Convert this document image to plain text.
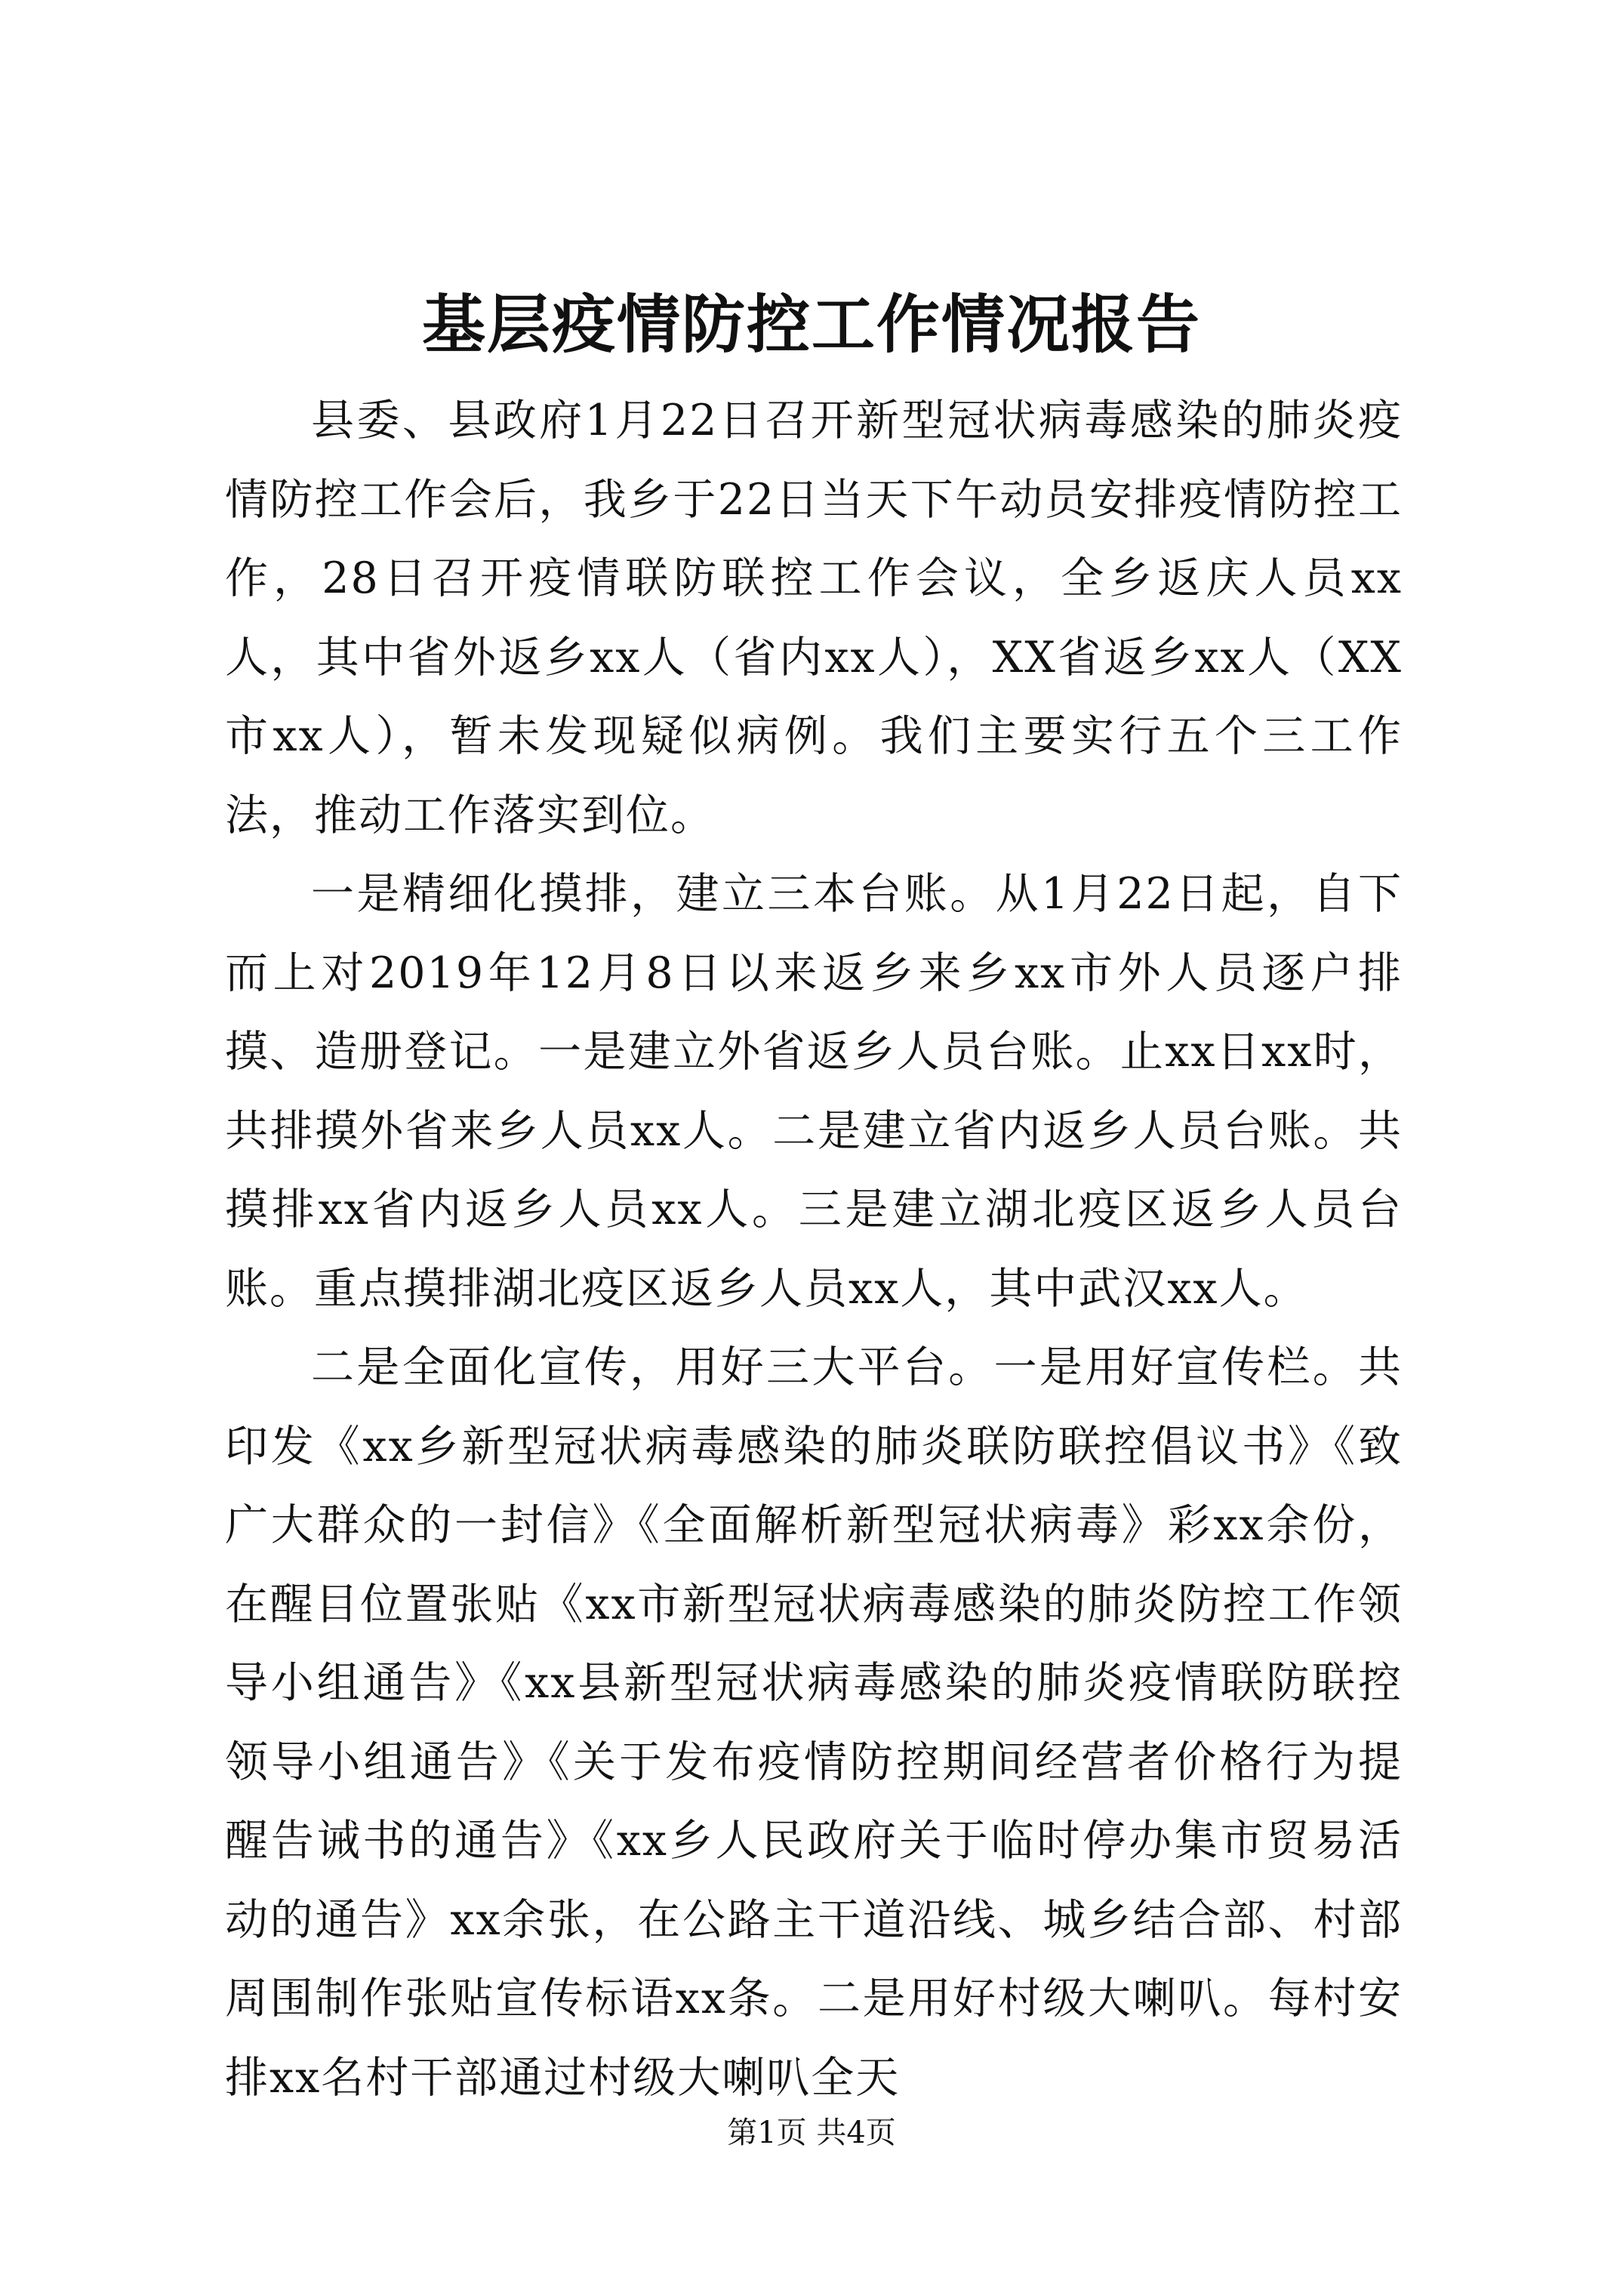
基层疫情防控工作情况报告

县委、县政府1月22日召开新型冠状病毒感染的肺炎疫情防控工作会后，我乡于22日当天下午动员安排疫情防控工作，28日召开疫情联防联控工作会议，全乡返庆人员xx人，其中省外返乡xx人（省内xx人），XX省返乡xx人（XX市xx人），暂未发现疑似病例。我们主要实行五个三工作法，推动工作落实到位。

一是精细化摸排，建立三本台账。从1月22日起，自下而上对2019年12月8日以来返乡来乡xx市外人员逐户排摸、造册登记。一是建立外省返乡人员台账。止xx日xx时，共排摸外省来乡人员xx人。二是建立省内返乡人员台账。共摸排xx省内返乡人员xx人。三是建立湖北疫区返乡人员台账。重点摸排湖北疫区返乡人员xx人，其中武汉xx人。

二是全面化宣传，用好三大平台。一是用好宣传栏。共印发《xx乡新型冠状病毒感染的肺炎联防联控倡议书》《致广大群众的一封信》《全面解析新型冠状病毒》彩xx余份，在醒目位置张贴《xx市新型冠状病毒感染的肺炎防控工作领导小组通告》《xx县新型冠状病毒感染的肺炎疫情联防联控领导小组通告》《关于发布疫情防控期间经营者价格行为提醒告诫书的通告》《xx乡人民政府关于临时停办集市贸易活动的通告》xx余张，在公路主干道沿线、城乡结合部、村部周围制作张贴宣传标语xx条。二是用好村级大喇叭。每村安排xx名村干部通过村级大喇叭全天

第1页 共4页
